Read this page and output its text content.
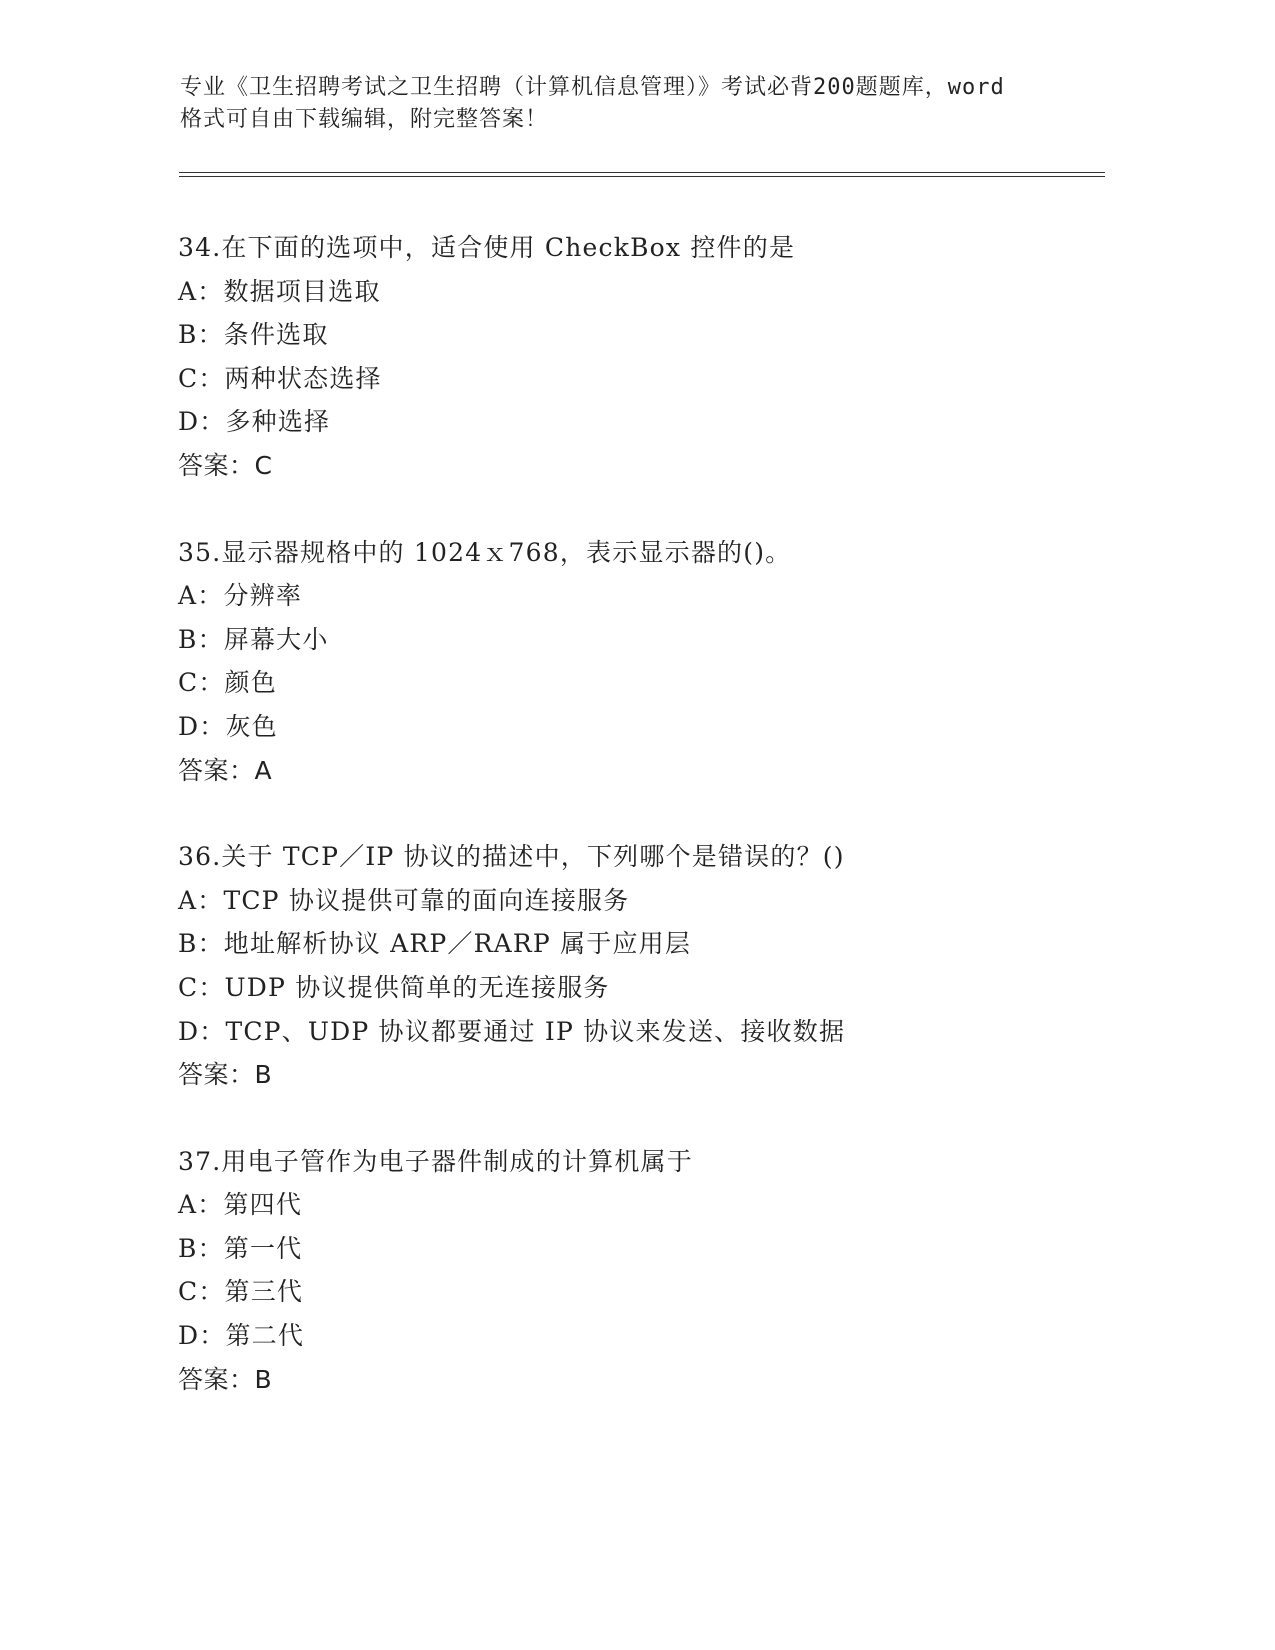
专业《卫生招聘考试之卫生招聘（计算机信息管理）》考试必背200题题库，word
格式可自由下载编辑，附完整答案！
34.在下面的选项中，适合使用 CheckBox 控件的是
A：数据项目选取
B：条件选取
C：两种状态选择
D：多种选择
答案：C
35.显示器规格中的 1024ｘ768，表示显示器的()。
A：分辨率
B：屏幕大小
C：颜色
D：灰色
答案：A
36.关于 TCP／IP 协议的描述中，下列哪个是错误的？()
A：TCP 协议提供可靠的面向连接服务
B：地址解析协议 ARP／RARP 属于应用层
C：UDP 协议提供简单的无连接服务
D：TCP、UDP 协议都要通过 IP 协议来发送、接收数据
答案：B
37.用电子管作为电子器件制成的计算机属于
A：第四代
B：第一代
C：第三代
D：第二代
答案：B
